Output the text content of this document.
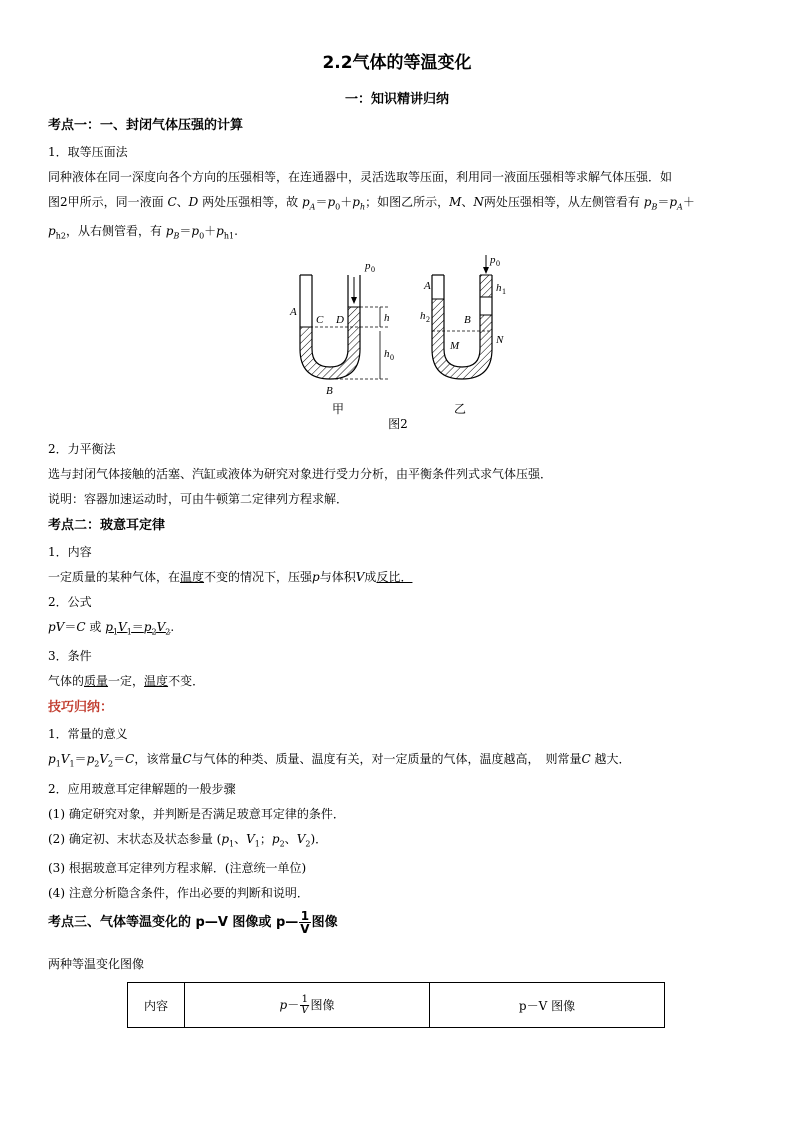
2.2气体的等温变化
一：知识精讲归纳
考点一：一、封闭气体压强的计算

1．取等压面法

同种液体在同一深度向各个方向的压强相等，在连通器中，灵活选取等压面，利用同一液面压强相等求解气体压强．如

图2甲所示，同一液面 C、D 两处压强相等，故 $p_A=p_0+p_h$；如图乙所示，M、N两处压强相等，从左侧管看有 $p_B=p_A+$

$p_{h2}$，从右侧管看，有 $p_B=p_0+p_{h1}$.

p 0
h
h 0
A
C D
B
甲
p 0
h 1
h 2
A
B
M	N
乙
图2

2．力平衡法

选与封闭气体接触的活塞、汽缸或液体为研究对象进行受力分析，由平衡条件列式求气体压强．

说明：容器加速运动时，可由牛顿第二定律列方程求解．

考点二：玻意耳定律

1．内容

一定质量的某种气体，在温度不变的情况下，压强p与体积V成反比．

2．公式

pV＝C 或 $p_1V_1=p_2V_2$.

3．条件

气体的质量一定，温度不变．

技巧归纳：

1．常量的意义

$p_1V_1=p_2V_2=C$，该常量C与气体的种类、质量、温度有关，对一定质量的气体，温度越高，　则常量C 越大．

2．应用玻意耳定律解题的一般步骤

(1) 确定研究对象，并判断是否满足玻意耳定律的条件．

(2) 确定初、末状态及状态参量 ($p_1$、$V_1$；$p_2$、$V_2$)．

(3) 根据玻意耳定律列方程求解．(注意统一单位)

(4) 注意分析隐含条件，作出必要的判断和说明．

考点三、气体等温变化的 p—V 图像或 p— $\frac{1}{V}$ 图像
两种等温变化图像
内容	$p- \frac{1}{V}$ 图像	p－V 图像
